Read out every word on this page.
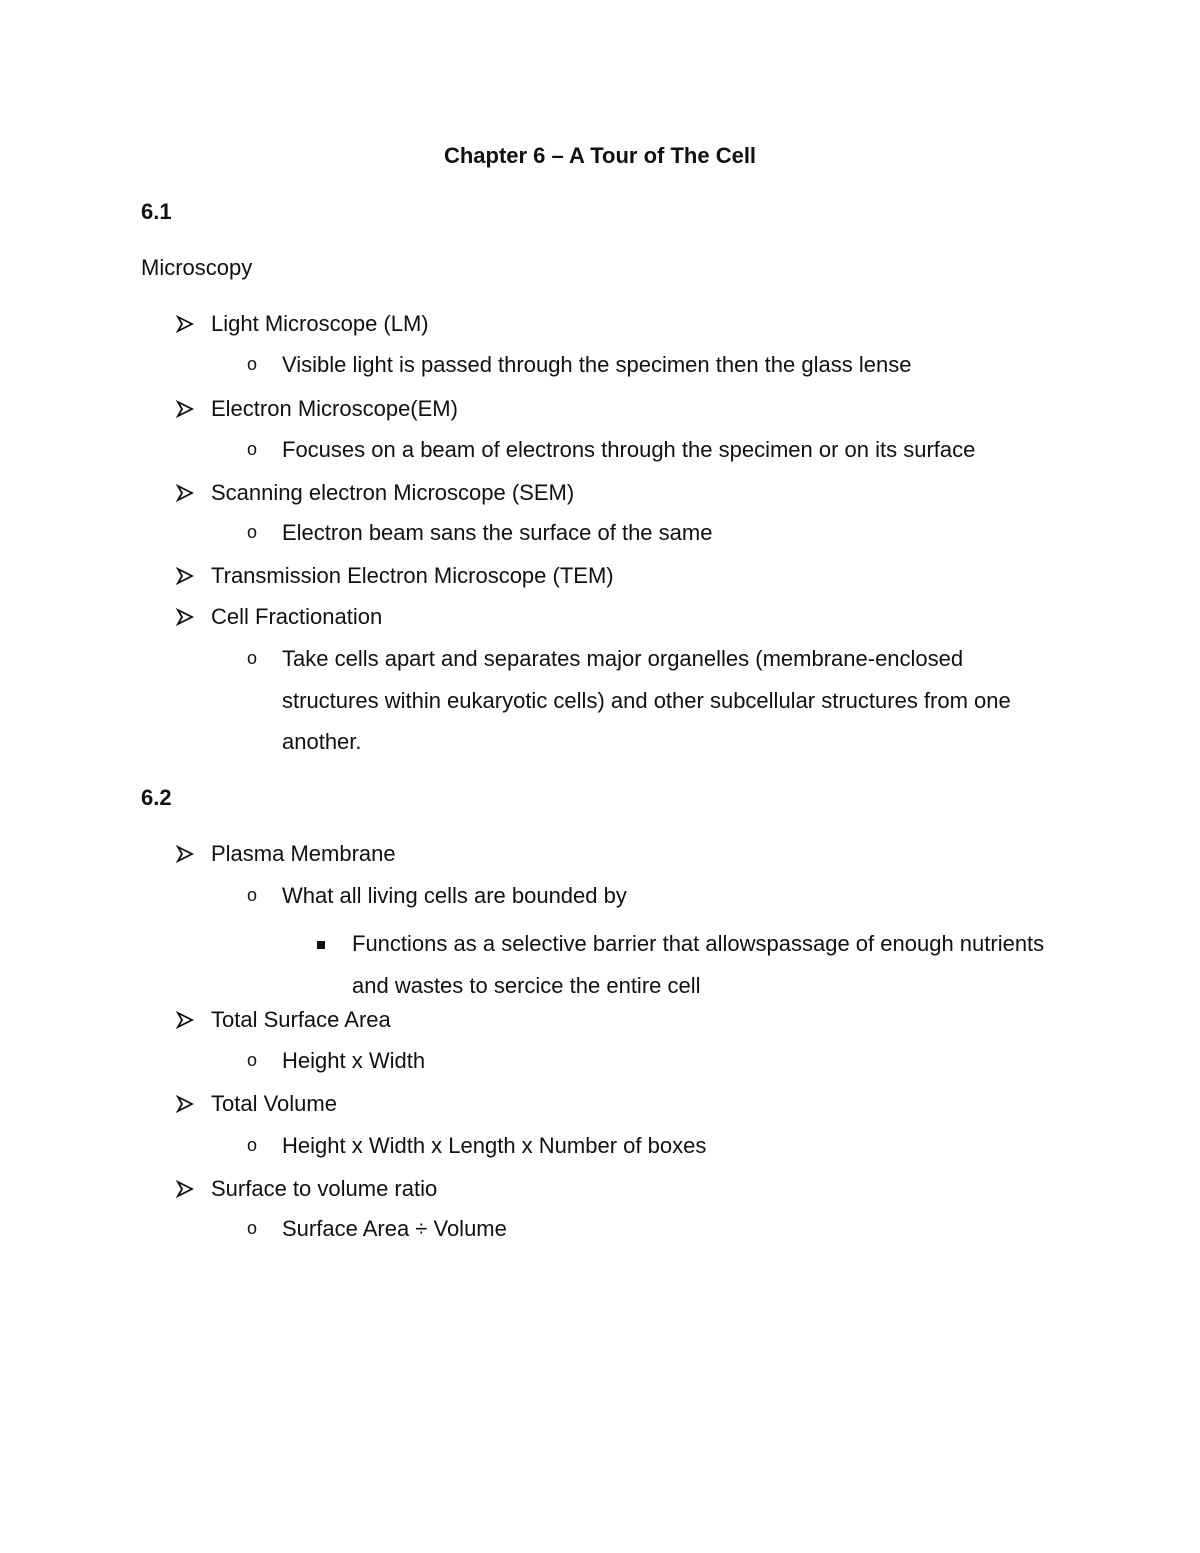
Chapter 6 – A Tour of The Cell
6.1
Microscopy
Light Microscope (LM)
o Visible light is passed through the specimen then the glass lense
Electron Microscope(EM)
o Focuses on a beam of electrons through the specimen or on its surface
Scanning electron Microscope (SEM)
o Electron beam sans the surface of the same
Transmission Electron Microscope (TEM)
Cell Fractionation
o Take cells apart and separates major organelles (membrane-enclosed structures within eukaryotic cells) and other subcellular structures from one another.
6.2
Plasma Membrane
o What all living cells are bounded by
Functions as a selective barrier that allowspassage of enough nutrients and wastes to sercice the entire cell
Total Surface Area
o Height x Width
Total Volume
o Height x Width x Length x Number of boxes
Surface to volume ratio
o Surface Area ÷ Volume
